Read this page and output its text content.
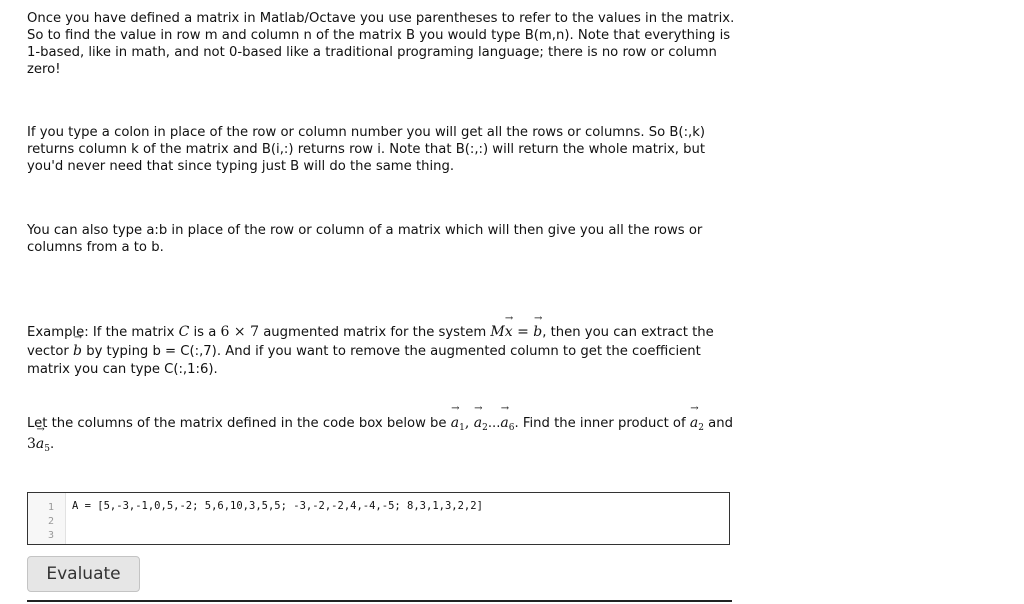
Once you have defined a matrix in Matlab/Octave you use parentheses to refer to the values in the matrix. So to find the value in row m and column n of the matrix B you would type B(m,n). Note that everything is 1-based, like in math, and not 0-based like a traditional programing language; there is no row or column zero!

If you type a colon in place of the row or column number you will get all the rows or columns. So B(:,k) returns column k of the matrix and B(i,:) returns row i. Note that B(:,:) will return the whole matrix, but you'd never need that since typing just B will do the same thing.

You can also type a:b in place of the row or column of a matrix which will then give you all the rows or columns from a to b.

Example: If the matrix C is a 6 × 7 augmented matrix for the system M→ x = → b, then you can extract the vector → b by typing b = C(:,7). And if you want to remove the augmented column to get the coefficient matrix you can type C(:,1:6).

Let the columns of the matrix defined in the code box below be → $a_1$, → $a_2...\to a_6$. Find the inner product of → $a_2$ and $3\to a_5$.

1
2
3
A = [5,-3,-1,0,5,-2; 5,6,10,3,5,5; -3,-2,-2,4,-4,-5; 8,3,1,3,2,2]
Evaluate
